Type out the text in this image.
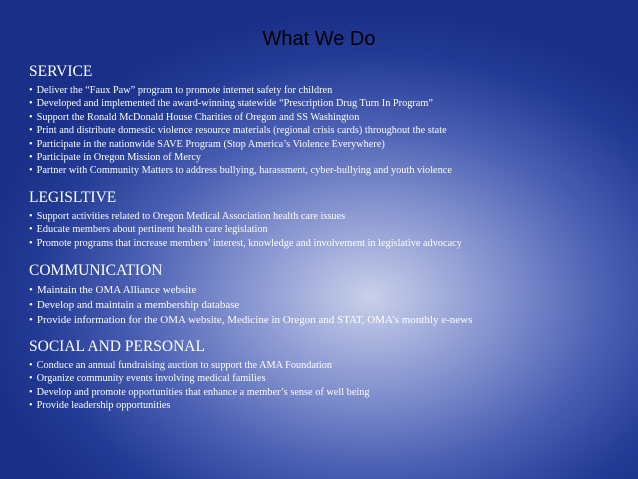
What We Do
SERVICE
• Deliver the “Faux Paw” program to promote internet safety for children
• Developed and implemented the award-winning statewide “Prescription Drug Turn In Program”
• Support the Ronald McDonald House Charities of Oregon and SS Washington
• Print and distribute domestic violence resource materials (regional crisis cards) throughout the state
• Participate in the nationwide SAVE Program (Stop America’s Violence Everywhere)
• Participate in Oregon Mission of Mercy
• Partner with Community Matters to address bullying, harassment, cyber-bullying and youth violence
LEGISLTIVE
• Support activities related to Oregon Medical Association health care issues
• Educate members about pertinent health care legislation
• Promote programs that increase members’ interest, knowledge and involvement in legislative advocacy
COMMUNICATION
• Maintain the OMA Alliance website
• Develop and maintain a membership database
• Provide information for the OMA website, Medicine in Oregon and STAT, OMA’s monthly e-news
SOCIAL AND PERSONAL
• Conduce an annual fundraising auction to support the AMA Foundation
• Organize community events involving medical families
• Develop and promote opportunities that enhance a member’s sense of well being
• Provide leadership opportunities
